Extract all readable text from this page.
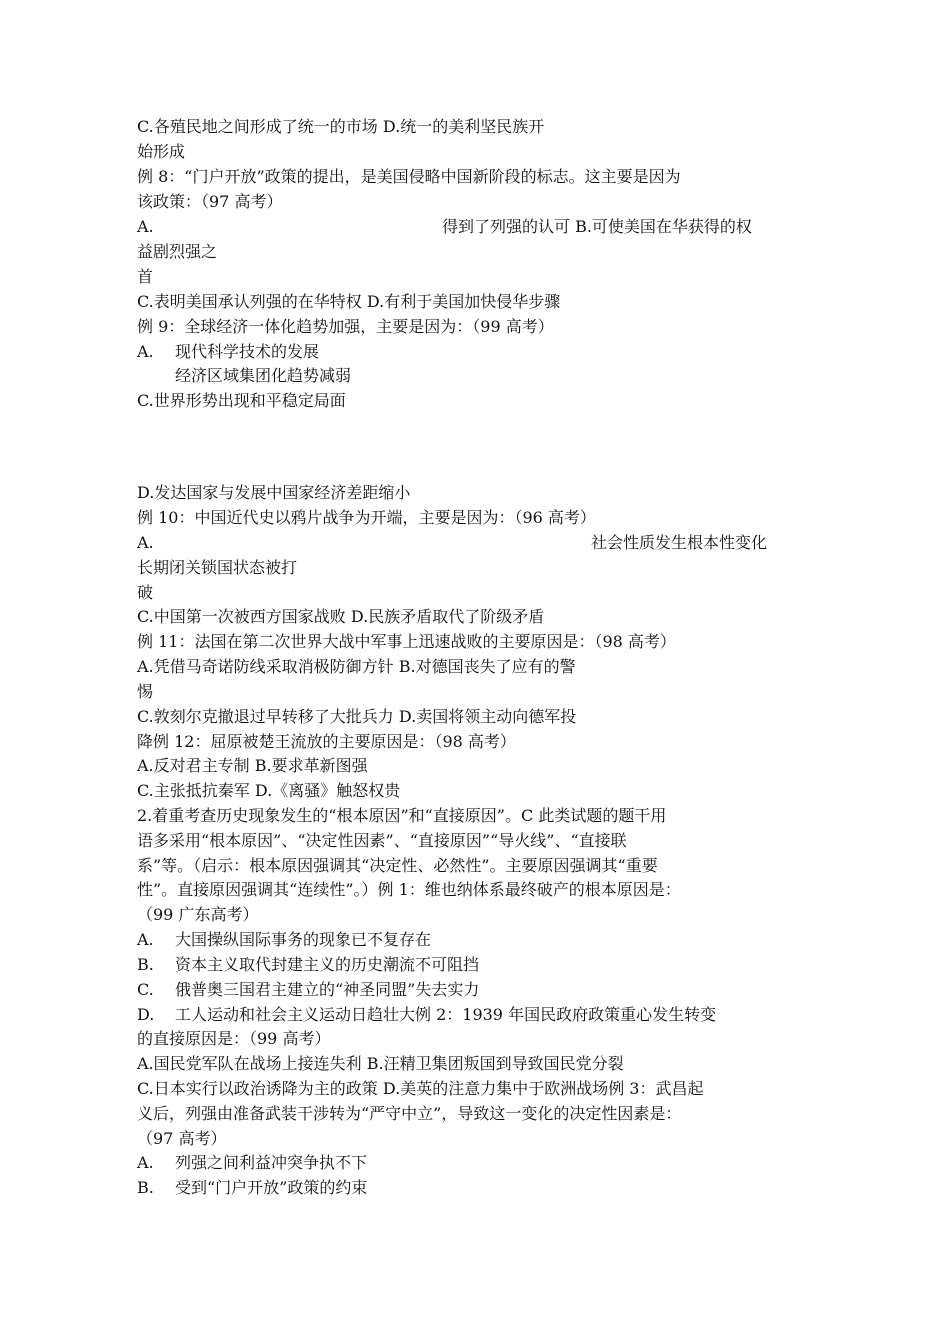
C.各殖民地之间形成了统一的市场 D.统一的美利坚民族开
始形成
例 8：“门户开放”政策的提出，是美国侵略中国新阶段的标志。这主要是因为
该政策：（97 高考）
A.	得到了列强的认可 B.可使美国在华获得的权
益剧烈强之
首
C.表明美国承认列强的在华特权 D.有利于美国加快侵华步骤
例 9：全球经济一体化趋势加强，主要是因为：（99 高考）
A. 现代科学技术的发展
经济区域集团化趋势减弱
C.世界形势出现和平稳定局面
D.发达国家与发展中国家经济差距缩小
例 10：中国近代史以鸦片战争为开端，主要是因为：（96 高考）
A.	社会性质发生根本性变化
长期闭关锁国状态被打
破
C.中国第一次被西方国家战败 D.民族矛盾取代了阶级矛盾
例 11：法国在第二次世界大战中军事上迅速战败的主要原因是：（98 高考）
A.凭借马奇诺防线采取消极防御方针 B.对德国丧失了应有的警
惕
C.敦刻尔克撤退过早转移了大批兵力 D.卖国将领主动向德军投
降例 12：屈原被楚王流放的主要原因是：（98 高考）
A.反对君主专制 B.要求革新图强
C.主张抵抗秦军 D.《离骚》触怒权贵
2.着重考查历史现象发生的“根本原因”和“直接原因”。C 此类试题的题干用
语多采用“根本原因”、“决定性因素”、“直接原因”“导火线”、“直接联
系”等。（启示：根本原因强调其“决定性、必然性”。主要原因强调其“重要
性”。直接原因强调其“连续性”。）例 1：维也纳体系最终破产的根本原因是：
（99 广东高考）
A. 大国操纵国际事务的现象已不复存在
B. 资本主义取代封建主义的历史潮流不可阻挡
C. 俄普奥三国君主建立的“神圣同盟”失去实力
D. 工人运动和社会主义运动日趋壮大例 2：1939 年国民政府政策重心发生转变
的直接原因是：（99 高考）
A.国民党军队在战场上接连失利 B.汪精卫集团叛国到导致国民党分裂
C.日本实行以政治诱降为主的政策 D.美英的注意力集中于欧洲战场例 3：武昌起
义后，列强由准备武装干涉转为“严守中立”，导致这一变化的决定性因素是：
（97 高考）
A. 列强之间利益冲突争执不下
B. 受到“门户开放”政策的约束
